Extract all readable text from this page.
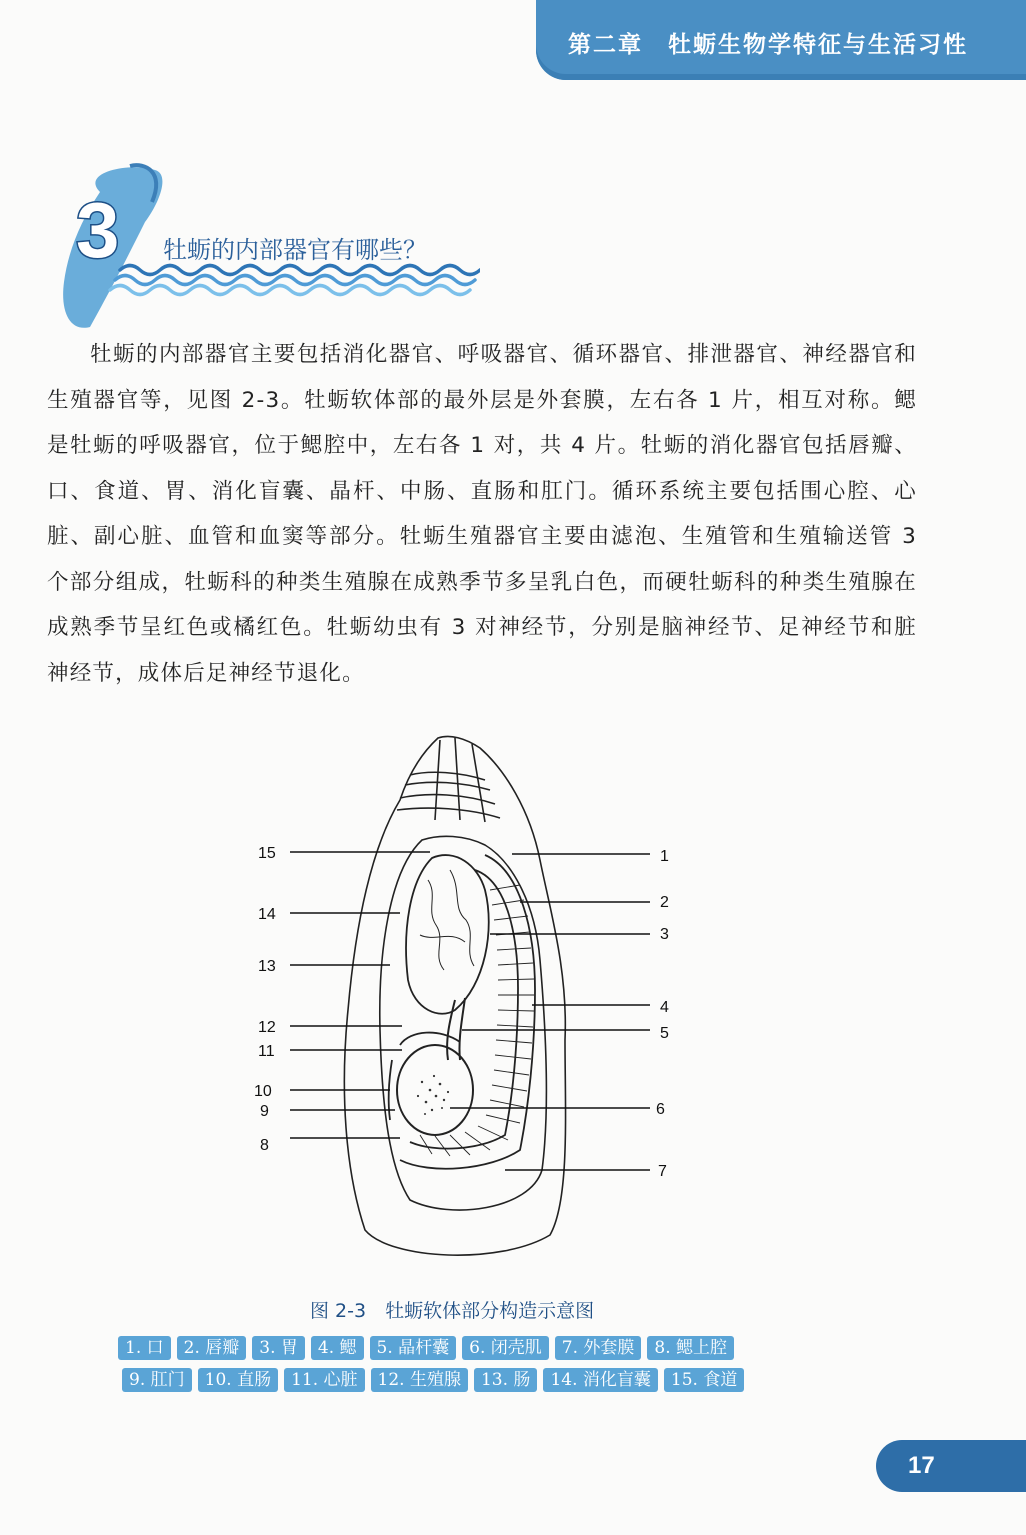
第二章　牡蛎生物学特征与生活习性
3 牡蛎的内部器官有哪些？

牡蛎的内部器官主要包括消化器官、呼吸器官、循环器官、排泄器官、神经器官和生殖器官等，见图 2-3。牡蛎软体部的最外层是外套膜，左右各 1 片，相互对称。鳃是牡蛎的呼吸器官，位于鳃腔中，左右各 1 对，共 4 片。牡蛎的消化器官包括唇瓣、口、食道、胃、消化盲囊、晶杆、中肠、直肠和肛门。循环系统主要包括围心腔、心脏、副心脏、血管和血窦等部分。牡蛎生殖器官主要由滤泡、生殖管和生殖输送管 3 个部分组成，牡蛎科的种类生殖腺在成熟季节多呈乳白色，而硬牡蛎科的种类生殖腺在成熟季节呈红色或橘红色。牡蛎幼虫有 3 对神经节，分别是脑神经节、足神经节和脏神经节，成体后足神经节退化。

15
14
13
12
11
10
9
8
1
2
3
4
5
6
7
图 2-3　牡蛎软体部分构造示意图
1. 口	2. 唇瓣	3. 胃	4. 鳃	5. 晶杆囊	6. 闭壳肌	7. 外套膜	8. 鳃上腔
9. 肛门	10. 直肠	11. 心脏	12. 生殖腺	13. 肠	14. 消化盲囊	15. 食道
17
